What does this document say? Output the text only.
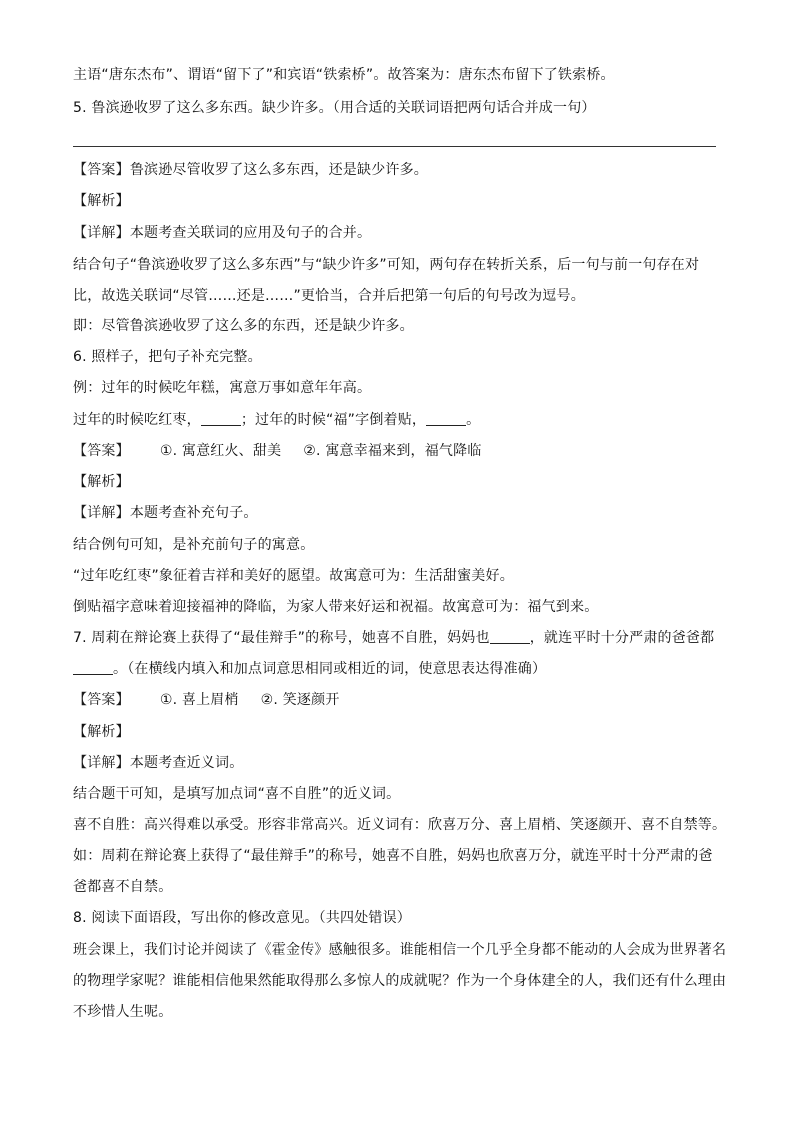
主语“唐东杰布”、谓语“留下了”和宾语“铁索桥”。故答案为：唐东杰布留下了铁索桥。
5. 鲁滨逊收罗了这么多东西。缺少许多。（用合适的关联词语把两句话合并成一句）
【答案】鲁滨逊尽管收罗了这么多东西，还是缺少许多。
【解析】
【详解】本题考查关联词的应用及句子的合并。
结合句子“鲁滨逊收罗了这么多东西”与“缺少许多”可知，两句存在转折关系，后一句与前一句存在对
比，故选关联词“尽管……还是……”更恰当，合并后把第一句后的句号改为逗号。
即：尽管鲁滨逊收罗了这么多的东西，还是缺少许多。
6. 照样子，把句子补充完整。
例：过年的时候吃年糕，寓意万事如意年年高。
过年的时候吃红枣，	；过年的时候“福”字倒着贴，	。
【答案】 ①. 寓意红火、甜美 ②. 寓意幸福来到，福气降临
【解析】
【详解】本题考查补充句子。
结合例句可知，是补充前句子的寓意。
“过年吃红枣”象征着吉祥和美好的愿望。故寓意可为：生活甜蜜美好。
倒贴福字意味着迎接福神的降临，为家人带来好运和祝福。故寓意可为：福气到来。
7. 周莉在辩论赛上获得了“最佳辩手”的称号，她喜不自胜，妈妈也	，就连平时十分严肃的爸爸都
。（在横线内填入和加点词意思相同或相近的词，使意思表达得准确）
【答案】 ①. 喜上眉梢 ②. 笑逐颜开
【解析】
【详解】本题考查近义词。
结合题干可知，是填写加点词“喜不自胜”的近义词。
喜不自胜：高兴得难以承受。形容非常高兴。近义词有：欣喜万分、喜上眉梢、笑逐颜开、喜不自禁等。
如：周莉在辩论赛上获得了“最佳辩手”的称号，她喜不自胜，妈妈也欣喜万分，就连平时十分严肃的爸
爸都喜不自禁。
8. 阅读下面语段，写出你的修改意见。（共四处错误）
班会课上，我们讨论并阅读了《霍金传》感触很多。谁能相信一个几乎全身都不能动的人会成为世界著名
的物理学家呢？谁能相信他果然能取得那么多惊人的成就呢？作为一个身体建全的人，我们还有什么理由
不珍惜人生呢。
